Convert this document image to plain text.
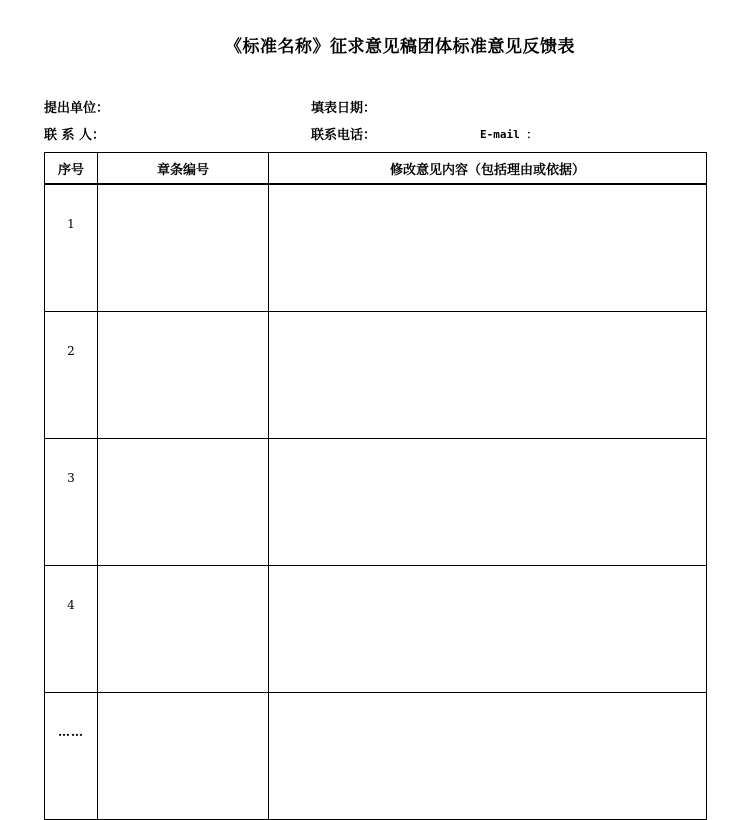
《标准名称》征求意见稿团体标准意见反馈表
提出单位：	填表日期：
联 系 人：	联系电话：	E-mail ：
序号	章条编号	修改意见内容（包括理由或依据）
1		
2		
3		
4		
……		
